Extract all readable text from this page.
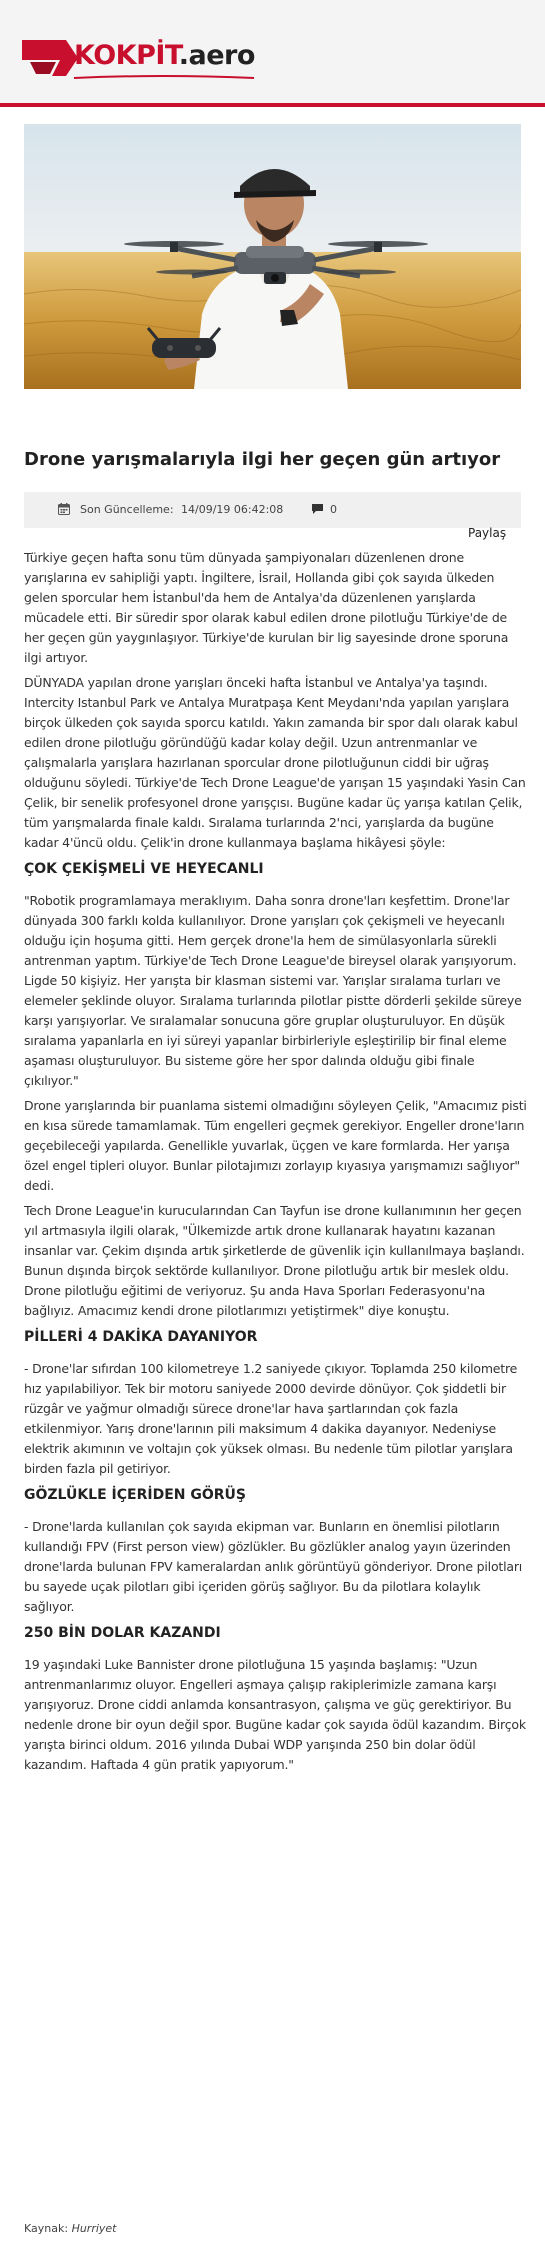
KOKPİT.aero
Drone yarışmalarıyla ilgi her geçen gün artıyor
Son Güncelleme: 14/09/19 06:42:08	0
Paylaş

Türkiye geçen hafta sonu tüm dünyada şampiyonaları düzenlenen drone yarışlarına ev sahipliği yaptı. İngiltere, İsrail, Hollanda gibi çok sayıda ülkeden gelen sporcular hem İstanbul'da hem de Antalya'da düzenlenen yarışlarda mücadele etti. Bir süredir spor olarak kabul edilen drone pilotluğu Türkiye'de de her geçen gün yaygınlaşıyor. Türkiye'de kurulan bir lig sayesinde drone sporuna ilgi artıyor.

DÜNYADA yapılan drone yarışları önceki hafta İstanbul ve Antalya'ya taşındı. Intercity Istanbul Park ve Antalya Muratpaşa Kent Meydanı'nda yapılan yarışlara birçok ülkeden çok sayıda sporcu katıldı. Yakın zamanda bir spor dalı olarak kabul edilen drone pilotluğu göründüğü kadar kolay değil. Uzun antrenmanlar ve çalışmalarla yarışlara hazırlanan sporcular drone pilotluğunun ciddi bir uğraş olduğunu söyledi. Türkiye'de Tech Drone League'de yarışan 15 yaşındaki Yasin Can Çelik, bir senelik profesyonel drone yarışçısı. Bugüne kadar üç yarışa katılan Çelik, tüm yarışmalarda finale kaldı. Sıralama turlarında 2'nci, yarışlarda da bugüne kadar 4'üncü oldu. Çelik'in drone kullanmaya başlama hikâyesi şöyle:

ÇOK ÇEKİŞMELİ VE HEYECANLI

"Robotik programlamaya meraklıyım. Daha sonra drone'ları keşfettim. Drone'lar dünyada 300 farklı kolda kullanılıyor. Drone yarışları çok çekişmeli ve heyecanlı olduğu için hoşuma gitti. Hem gerçek drone'la hem de simülasyonlarla sürekli antrenman yaptım. Türkiye'de Tech Drone League'de bireysel olarak yarışıyorum. Ligde 50 kişiyiz. Her yarışta bir klasman sistemi var. Yarışlar sıralama turları ve elemeler şeklinde oluyor. Sıralama turlarında pilotlar pistte dörderli şekilde süreye karşı yarışıyorlar. Ve sıralamalar sonucuna göre gruplar oluşturuluyor. En düşük sıralama yapanlarla en iyi süreyi yapanlar birbirleriyle eşleştirilip bir final eleme aşaması oluşturuluyor. Bu sisteme göre her spor dalında olduğu gibi finale çıkılıyor."

Drone yarışlarında bir puanlama sistemi olmadığını söyleyen Çelik, "Amacımız pisti en kısa sürede tamamlamak. Tüm engelleri geçmek gerekiyor. Engeller drone'ların geçebileceği yapılarda. Genellikle yuvarlak, üçgen ve kare formlarda. Her yarışa özel engel tipleri oluyor. Bunlar pilotajımızı zorlayıp kıyasıya yarışmamızı sağlıyor" dedi.

Tech Drone League'in kurucularından Can Tayfun ise drone kullanımının her geçen yıl artmasıyla ilgili olarak, "Ülkemizde artık drone kullanarak hayatını kazanan insanlar var. Çekim dışında artık şirketlerde de güvenlik için kullanılmaya başlandı. Bunun dışında birçok sektörde kullanılıyor. Drone pilotluğu artık bir meslek oldu. Drone pilotluğu eğitimi de veriyoruz. Şu anda Hava Sporları Federasyonu'na bağlıyız. Amacımız kendi drone pilotlarımızı yetiştirmek" diye konuştu.

PİLLERİ 4 DAKİKA DAYANIYOR

- Drone'lar sıfırdan 100 kilometreye 1.2 saniyede çıkıyor. Toplamda 250 kilometre hız yapılabiliyor. Tek bir motoru saniyede 2000 devirde dönüyor. Çok şiddetli bir rüzgâr ve yağmur olmadığı sürece drone'lar hava şartlarından çok fazla etkilenmiyor. Yarış drone'larının pili maksimum 4 dakika dayanıyor. Nedeniyse elektrik akımının ve voltajın çok yüksek olması. Bu nedenle tüm pilotlar yarışlara birden fazla pil getiriyor.

GÖZLÜKLE İÇERİDEN GÖRÜŞ

- Drone'larda kullanılan çok sayıda ekipman var. Bunların en önemlisi pilotların kullandığı FPV (First person view) gözlükler. Bu gözlükler analog yayın üzerinden drone'larda bulunan FPV kameralardan anlık görüntüyü gönderiyor. Drone pilotları bu sayede uçak pilotları gibi içeriden görüş sağlıyor. Bu da pilotlara kolaylık sağlıyor.

250 BİN DOLAR KAZANDI

19 yaşındaki Luke Bannister drone pilotluğuna 15 yaşında başlamış: "Uzun antrenmanlarımız oluyor. Engelleri aşmaya çalışıp rakiplerimizle zamana karşı yarışıyoruz. Drone ciddi anlamda konsantrasyon, çalışma ve güç gerektiriyor. Bu nedenle drone bir oyun değil spor. Bugüne kadar çok sayıda ödül kazandım. Birçok yarışta birinci oldum. 2016 yılında Dubai WDP yarışında 250 bin dolar ödül kazandım. Haftada 4 gün pratik yapıyorum."

Kaynak: Hurriyet
